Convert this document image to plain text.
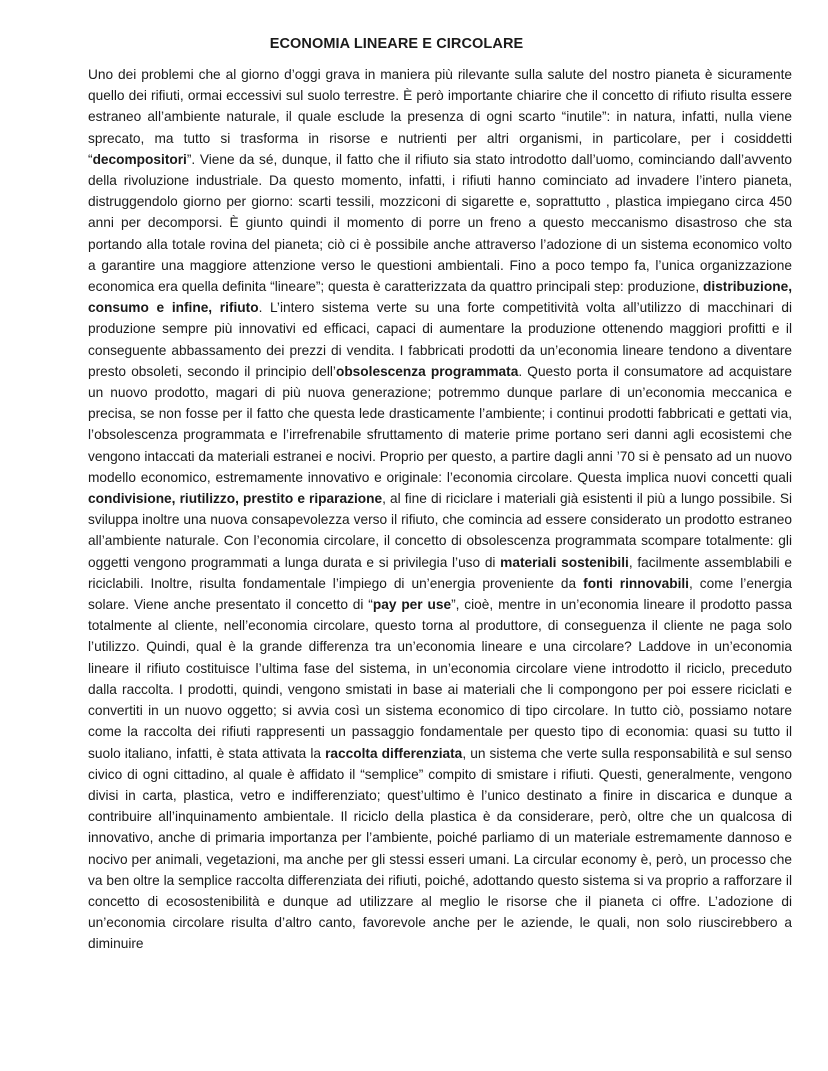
ECONOMIA LINEARE E CIRCOLARE

Uno dei problemi che al giorno d’oggi grava in maniera più rilevante sulla salute del nostro pianeta è sicuramente quello dei rifiuti, ormai eccessivi sul suolo terrestre. È però importante chiarire che il concetto di rifiuto risulta essere estraneo all’ambiente naturale, il quale esclude la presenza di ogni scarto “inutile”: in natura, infatti, nulla viene sprecato, ma tutto si trasforma in risorse e nutrienti per altri organismi, in particolare, per i cosiddetti “decompositori”. Viene da sé, dunque, il fatto che il rifiuto sia stato introdotto dall’uomo, cominciando dall’avvento della rivoluzione industriale. Da questo momento, infatti, i rifiuti hanno cominciato ad invadere l’intero pianeta, distruggendolo giorno per giorno: scarti tessili, mozziconi di sigarette e, soprattutto , plastica impiegano circa 450 anni per decomporsi. È giunto quindi il momento di porre un freno a questo meccanismo disastroso che sta portando alla totale rovina del pianeta; ciò ci è possibile anche attraverso l’adozione di un sistema economico volto a garantire una maggiore attenzione verso le questioni ambientali. Fino a poco tempo fa, l’unica organizzazione economica era quella definita “lineare”; questa è caratterizzata da quattro principali step: produzione, distribuzione, consumo e infine, rifiuto. L’intero sistema verte su una forte competitività volta all’utilizzo di macchinari di produzione sempre più innovativi ed efficaci, capaci di aumentare la produzione ottenendo maggiori profitti e il conseguente abbassamento dei prezzi di vendita. I fabbricati prodotti da un’economia lineare tendono a diventare presto obsoleti, secondo il principio dell’obsolescenza programmata. Questo porta il consumatore ad acquistare un nuovo prodotto, magari di più nuova generazione; potremmo dunque parlare di un’economia meccanica e precisa, se non fosse per il fatto che questa lede drasticamente l’ambiente; i continui prodotti fabbricati e gettati via, l’obsolescenza programmata e l’irrefrenabile sfruttamento di materie prime portano seri danni agli ecosistemi che vengono intaccati da materiali estranei e nocivi. Proprio per questo, a partire dagli anni ’70 si è pensato ad un nuovo modello economico, estremamente innovativo e originale: l’economia circolare. Questa implica nuovi concetti quali condivisione, riutilizzo, prestito e riparazione, al fine di riciclare i materiali già esistenti il più a lungo possibile. Si sviluppa inoltre una nuova consapevolezza verso il rifiuto, che comincia ad essere considerato un prodotto estraneo all’ambiente naturale. Con l’economia circolare, il concetto di obsolescenza programmata scompare totalmente: gli oggetti vengono programmati a lunga durata e si privilegia l’uso di materiali sostenibili, facilmente assemblabili e riciclabili. Inoltre, risulta fondamentale l’impiego di un’energia proveniente da fonti rinnovabili, come l’energia solare. Viene anche presentato il concetto di “pay per use”, cioè, mentre in un’economia lineare il prodotto passa totalmente al cliente, nell’economia circolare, questo torna al produttore, di conseguenza il cliente ne paga solo l’utilizzo. Quindi, qual è la grande differenza tra un’economia lineare e una circolare? Laddove in un’economia lineare il rifiuto costituisce l’ultima fase del sistema, in un’economia circolare viene introdotto il riciclo, preceduto dalla raccolta. I prodotti, quindi, vengono smistati in base ai materiali che li compongono per poi essere riciclati e convertiti in un nuovo oggetto; si avvia così un sistema economico di tipo circolare. In tutto ciò, possiamo notare come la raccolta dei rifiuti rappresenti un passaggio fondamentale per questo tipo di economia: quasi su tutto il suolo italiano, infatti, è stata attivata la raccolta differenziata, un sistema che verte sulla responsabilità e sul senso civico di ogni cittadino, al quale è affidato il “semplice” compito di smistare i rifiuti. Questi, generalmente, vengono divisi in carta, plastica, vetro e indifferenziato; quest’ultimo è l’unico destinato a finire in discarica e dunque a contribuire all’inquinamento ambientale. Il riciclo della plastica è da considerare, però, oltre che un qualcosa di innovativo, anche di primaria importanza per l’ambiente, poiché parliamo di un materiale estremamente dannoso e nocivo per animali, vegetazioni, ma anche per gli stessi esseri umani. La circular economy è, però, un processo che va ben oltre la semplice raccolta differenziata dei rifiuti, poiché, adottando questo sistema si va proprio a rafforzare il concetto di ecosostenibilità e dunque ad utilizzare al meglio le risorse che il pianeta ci offre. L’adozione di un’economia circolare risulta d’altro canto, favorevole anche per le aziende, le quali, non solo riuscirebbero a diminuire
